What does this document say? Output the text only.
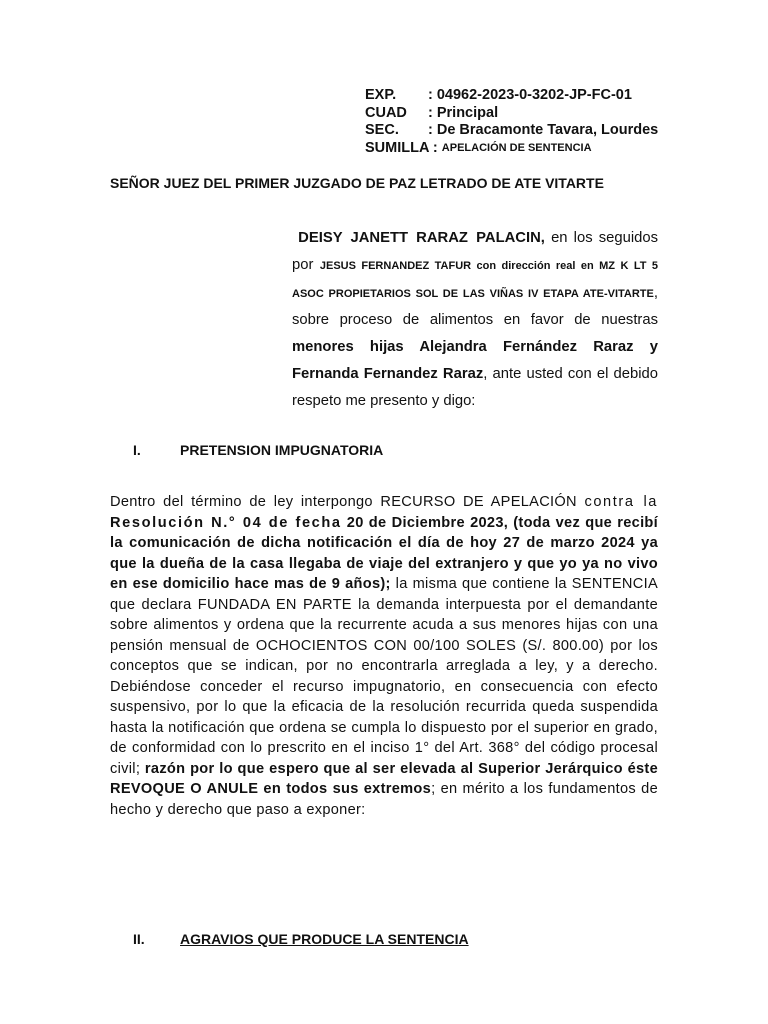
EXP.	: 04962-2023-0-3202-JP-FC-01
CUAD	: Principal
SEC.	: De Bracamonte Tavara, Lourdes
SUMILLA :
APELACIÓN DE SENTENCIA
SEÑOR JUEZ DEL PRIMER JUZGADO DE PAZ LETRADO DE ATE VITARTE
DEISY JANETT RARAZ PALACIN, en los seguidos por JESUS FERNANDEZ TAFUR con dirección real en MZ K LT 5 ASOC PROPIETARIOS SOL DE LAS VIÑAS IV ETAPA ATE-VITARTE, sobre proceso de alimentos en favor de nuestras menores hijas Alejandra Fernández Raraz y Fernanda Fernandez Raraz, ante usted con el debido respeto me presento y digo:
I.	PRETENSION IMPUGNATORIA
Dentro del término de ley interpongo RECURSO DE APELACIÓN contra la Resolución N.° 04 de fecha 20 de Diciembre 2023, (toda vez que recibí la comunicación de dicha notificación el día de hoy 27 de marzo 2024 ya que la dueña de la casa llegaba de viaje del extranjero y que yo ya no vivo en ese domicilio hace mas de 9 años); la misma que contiene la SENTENCIA que declara FUNDADA EN PARTE la demanda interpuesta por el demandante sobre alimentos y ordena que la recurrente acuda a sus menores hijas con una pensión mensual de OCHOCIENTOS CON 00/100 SOLES (S/. 800.00) por los conceptos que se indican, por no encontrarla arreglada a ley, y a derecho. Debiéndose conceder el recurso impugnatorio, en consecuencia con efecto suspensivo, por lo que la eficacia de la resolución recurrida queda suspendida hasta la notificación que ordena se cumpla lo dispuesto por el superior en grado, de conformidad con lo prescrito en el inciso 1° del Art. 368° del código procesal civil; razón por lo que espero que al ser elevada al Superior Jerárquico éste REVOQUE O ANULE en todos sus extremos; en mérito a los fundamentos de hecho y derecho que paso a exponer:
II.	AGRAVIOS QUE PRODUCE LA SENTENCIA
